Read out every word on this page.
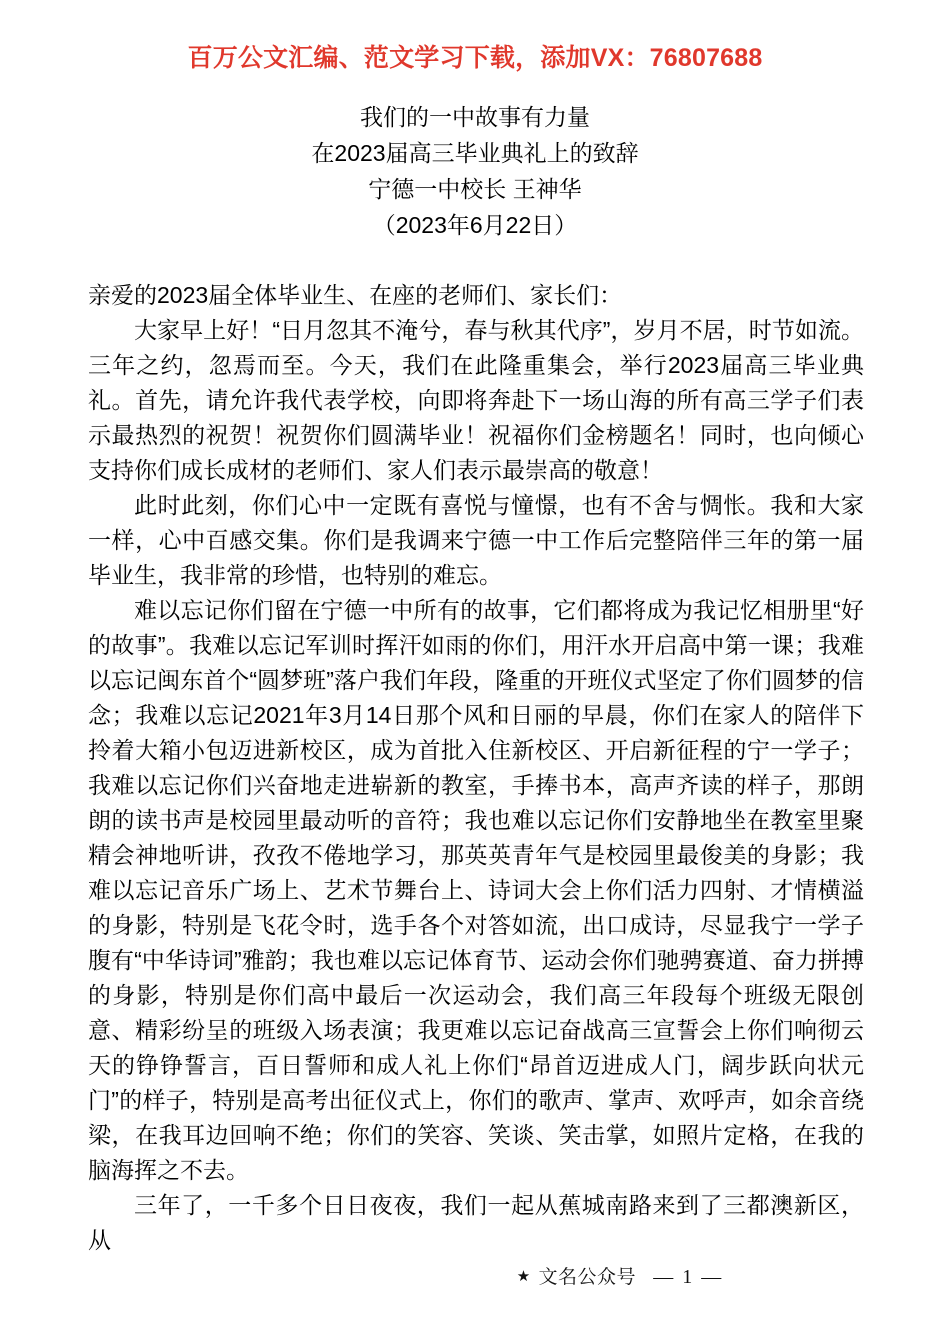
百万公文汇编、范文学习下载，添加VX：76807688
我们的一中故事有力量
在2023届高三毕业典礼上的致辞
宁德一中校长 王神华
（2023年6月22日）

亲爱的2023届全体毕业生、在座的老师们、家长们：

大家早上好！“日月忽其不淹兮，春与秋其代序”，岁月不居，时节如流。三年之约，忽焉而至。今天，我们在此隆重集会，举行2023届高三毕业典礼。首先，请允许我代表学校，向即将奔赴下一场山海的所有高三学子们表示最热烈的祝贺！祝贺你们圆满毕业！祝福你们金榜题名！同时，也向倾心支持你们成长成材的老师们、家人们表示最崇高的敬意！

此时此刻，你们心中一定既有喜悦与憧憬，也有不舍与惆怅。我和大家一样，心中百感交集。你们是我调来宁德一中工作后完整陪伴三年的第一届毕业生，我非常的珍惜，也特别的难忘。

难以忘记你们留在宁德一中所有的故事，它们都将成为我记忆相册里“好的故事”。我难以忘记军训时挥汗如雨的你们，用汗水开启高中第一课；我难以忘记闽东首个“圆梦班”落户我们年段，隆重的开班仪式坚定了你们圆梦的信念；我难以忘记2021年3月14日那个风和日丽的早晨，你们在家人的陪伴下拎着大箱小包迈进新校区，成为首批入住新校区、开启新征程的宁一学子；我难以忘记你们兴奋地走进崭新的教室，手捧书本，高声齐读的样子，那朗朗的读书声是校园里最动听的音符；我也难以忘记你们安静地坐在教室里聚精会神地听讲，孜孜不倦地学习，那英英青年气是校园里最俊美的身影；我难以忘记音乐广场上、艺术节舞台上、诗词大会上你们活力四射、才情横溢的身影，特别是飞花令时，选手各个对答如流，出口成诗，尽显我宁一学子腹有“中华诗词”雅韵；我也难以忘记体育节、运动会你们驰骋赛道、奋力拼搏的身影，特别是你们高中最后一次运动会，我们高三年段每个班级无限创意、精彩纷呈的班级入场表演；我更难以忘记奋战高三宣誓会上你们响彻云天的铮铮誓言，百日誓师和成人礼上你们“昂首迈进成人门，阔步跃向状元门”的样子，特别是高考出征仪式上，你们的歌声、掌声、欢呼声，如余音绕梁，在我耳边回响不绝；你们的笑容、笑谈、笑击掌，如照片定格，在我的脑海挥之不去。

三年了，一千多个日日夜夜，我们一起从蕉城南路来到了三都澳新区，从

★ 文名公众号 — 1 —
